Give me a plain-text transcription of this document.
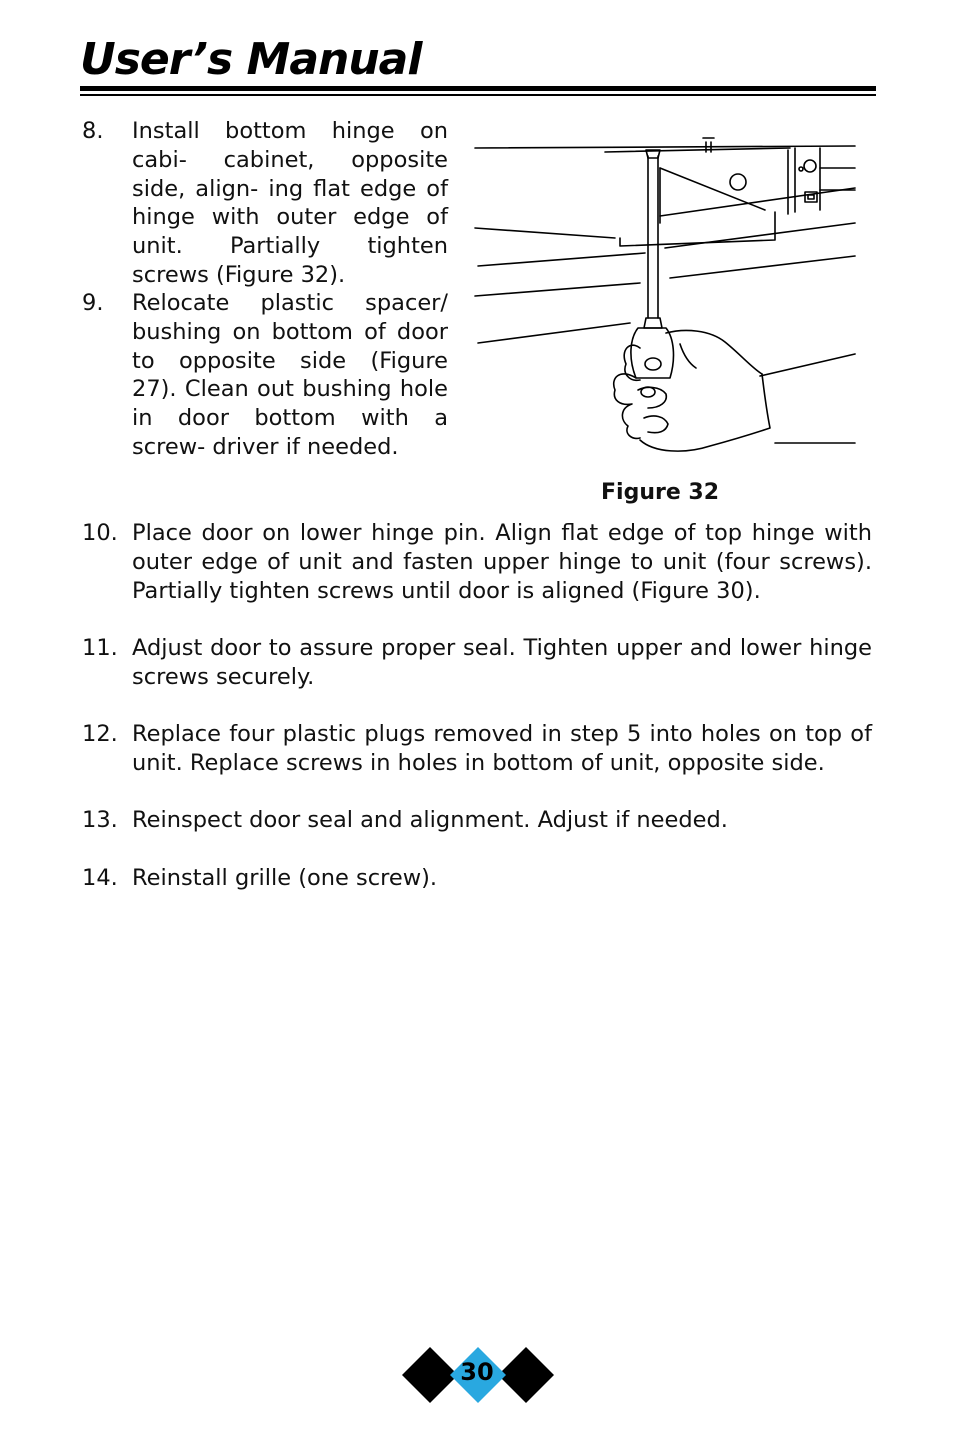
User’s Manual
8. Install bottom hinge on cabi- cabinet, opposite side, align- ing flat edge of hinge with outer edge of unit. Partially tighten screws (Figure 32).
9. Relocate plastic spacer/ bushing on bottom of door to opposite side (Figure 27). Clean out bushing hole in door bottom with a screw- driver if needed.
Figure 32
10. Place door on lower hinge pin. Align flat edge of top hinge with outer edge of unit and fasten upper hinge to unit (four screws). Partially tighten screws until door is aligned (Figure 30).
11. Adjust door to assure proper seal. Tighten upper and lower hinge screws securely.
12. Replace four plastic plugs removed in step 5 into holes on top of unit. Replace screws in holes in bottom of unit, opposite side.
13. Reinspect door seal and alignment. Adjust if needed.
14. Reinstall grille (one screw).
30
